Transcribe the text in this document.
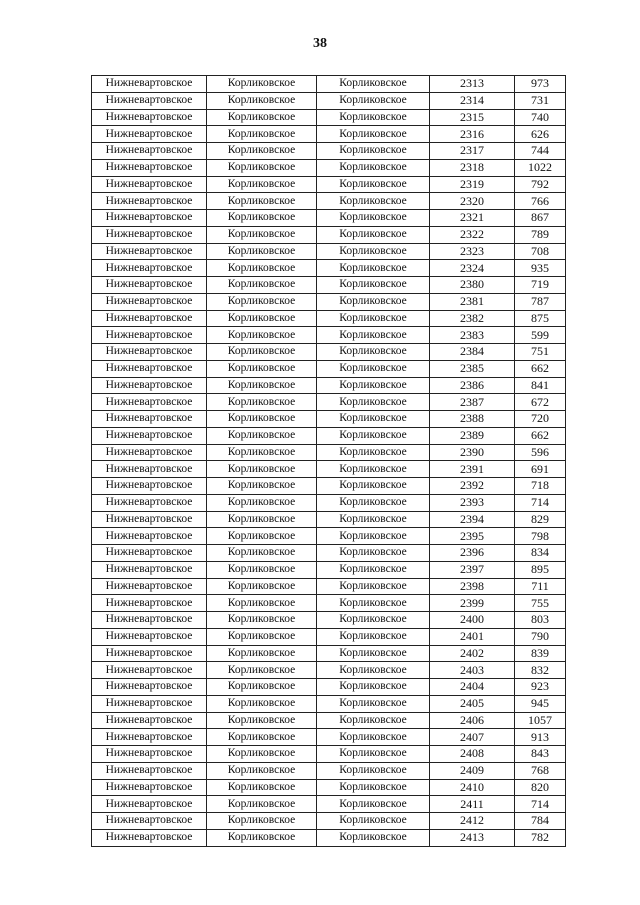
38
Нижневартовское	Корликовское	Корликовское	2313	973
Нижневартовское	Корликовское	Корликовское	2314	731
Нижневартовское	Корликовское	Корликовское	2315	740
Нижневартовское	Корликовское	Корликовское	2316	626
Нижневартовское	Корликовское	Корликовское	2317	744
Нижневартовское	Корликовское	Корликовское	2318	1022
Нижневартовское	Корликовское	Корликовское	2319	792
Нижневартовское	Корликовское	Корликовское	2320	766
Нижневартовское	Корликовское	Корликовское	2321	867
Нижневартовское	Корликовское	Корликовское	2322	789
Нижневартовское	Корликовское	Корликовское	2323	708
Нижневартовское	Корликовское	Корликовское	2324	935
Нижневартовское	Корликовское	Корликовское	2380	719
Нижневартовское	Корликовское	Корликовское	2381	787
Нижневартовское	Корликовское	Корликовское	2382	875
Нижневартовское	Корликовское	Корликовское	2383	599
Нижневартовское	Корликовское	Корликовское	2384	751
Нижневартовское	Корликовское	Корликовское	2385	662
Нижневартовское	Корликовское	Корликовское	2386	841
Нижневартовское	Корликовское	Корликовское	2387	672
Нижневартовское	Корликовское	Корликовское	2388	720
Нижневартовское	Корликовское	Корликовское	2389	662
Нижневартовское	Корликовское	Корликовское	2390	596
Нижневартовское	Корликовское	Корликовское	2391	691
Нижневартовское	Корликовское	Корликовское	2392	718
Нижневартовское	Корликовское	Корликовское	2393	714
Нижневартовское	Корликовское	Корликовское	2394	829
Нижневартовское	Корликовское	Корликовское	2395	798
Нижневартовское	Корликовское	Корликовское	2396	834
Нижневартовское	Корликовское	Корликовское	2397	895
Нижневартовское	Корликовское	Корликовское	2398	711
Нижневартовское	Корликовское	Корликовское	2399	755
Нижневартовское	Корликовское	Корликовское	2400	803
Нижневартовское	Корликовское	Корликовское	2401	790
Нижневартовское	Корликовское	Корликовское	2402	839
Нижневартовское	Корликовское	Корликовское	2403	832
Нижневартовское	Корликовское	Корликовское	2404	923
Нижневартовское	Корликовское	Корликовское	2405	945
Нижневартовское	Корликовское	Корликовское	2406	1057
Нижневартовское	Корликовское	Корликовское	2407	913
Нижневартовское	Корликовское	Корликовское	2408	843
Нижневартовское	Корликовское	Корликовское	2409	768
Нижневартовское	Корликовское	Корликовское	2410	820
Нижневартовское	Корликовское	Корликовское	2411	714
Нижневартовское	Корликовское	Корликовское	2412	784
Нижневартовское	Корликовское	Корликовское	2413	782
